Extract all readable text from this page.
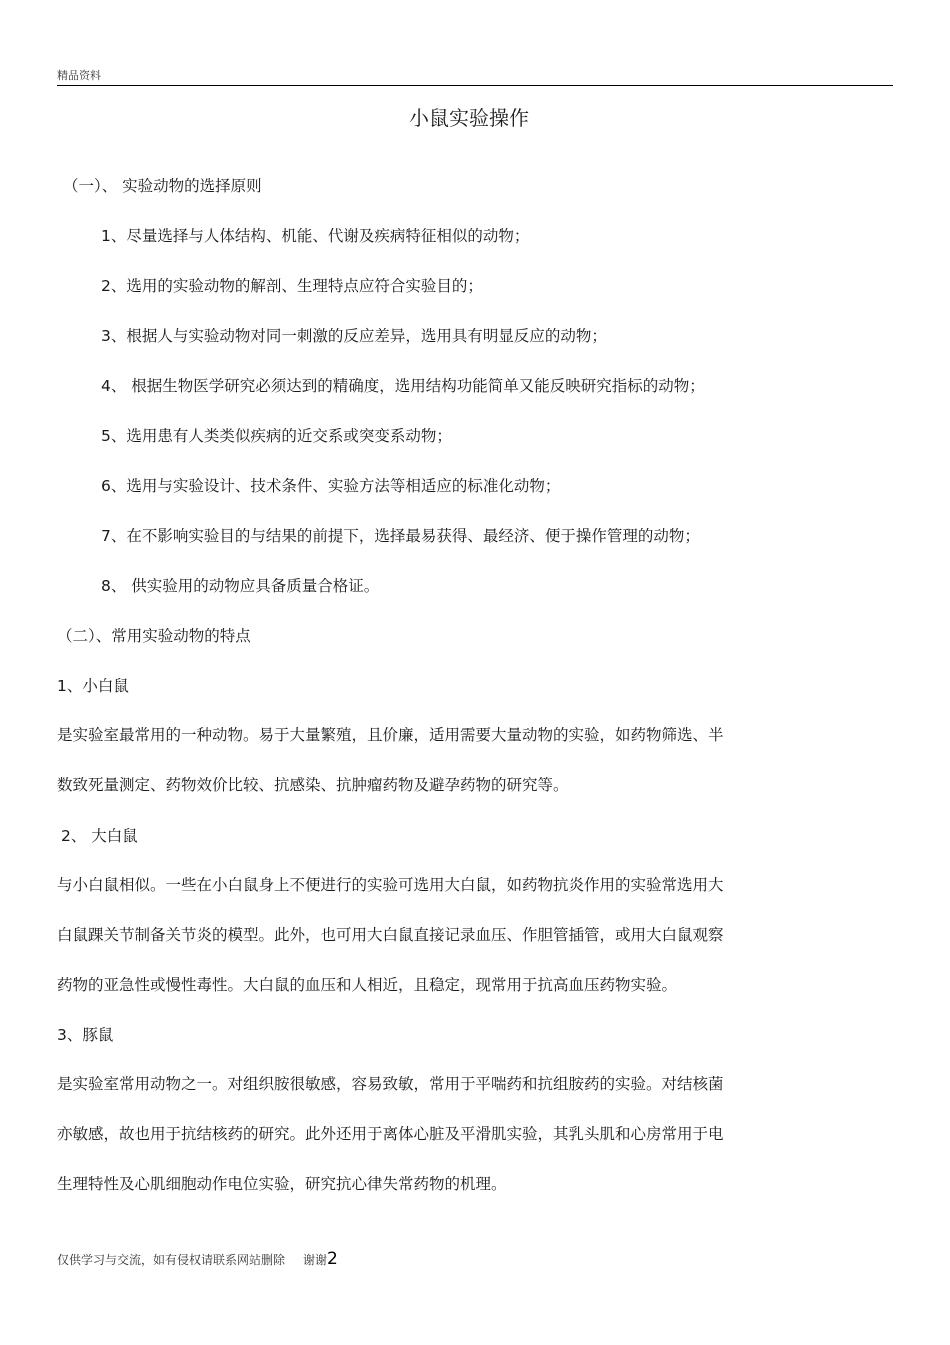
精品资料
小鼠实验操作
（一）、 实验动物的选择原则
1、尽量选择与人体结构、机能、代谢及疾病特征相似的动物；
2、选用的实验动物的解剖、生理特点应符合实验目的；
3、根据人与实验动物对同一刺激的反应差异，选用具有明显反应的动物；
4、 根据生物医学研究必须达到的精确度，选用结构功能简单又能反映研究指标的动物；
5、选用患有人类类似疾病的近交系或突变系动物；
6、选用与实验设计、技术条件、实验方法等相适应的标准化动物；
7、在不影响实验目的与结果的前提下，选择最易获得、最经济、便于操作管理的动物；
8、 供实验用的动物应具备质量合格证。
（二）、常用实验动物的特点
1、小白鼠
是实验室最常用的一种动物。易于大量繁殖，且价廉，适用需要大量动物的实验，如药物筛选、半
数致死量测定、药物效价比较、抗感染、抗肿瘤药物及避孕药物的研究等。
2、 大白鼠
与小白鼠相似。一些在小白鼠身上不便进行的实验可选用大白鼠，如药物抗炎作用的实验常选用大
白鼠踝关节制备关节炎的模型。此外，也可用大白鼠直接记录血压、作胆管插管，或用大白鼠观察
药物的亚急性或慢性毒性。大白鼠的血压和人相近，且稳定，现常用于抗高血压药物实验。
3、豚鼠
是实验室常用动物之一。对组织胺很敏感，容易致敏，常用于平喘药和抗组胺药的实验。对结核菌
亦敏感，故也用于抗结核药的研究。此外还用于离体心脏及平滑肌实验，其乳头肌和心房常用于电
生理特性及心肌细胞动作电位实验，研究抗心律失常药物的机理。
仅供学习与交流，如有侵权请联系网站删除 谢谢2
